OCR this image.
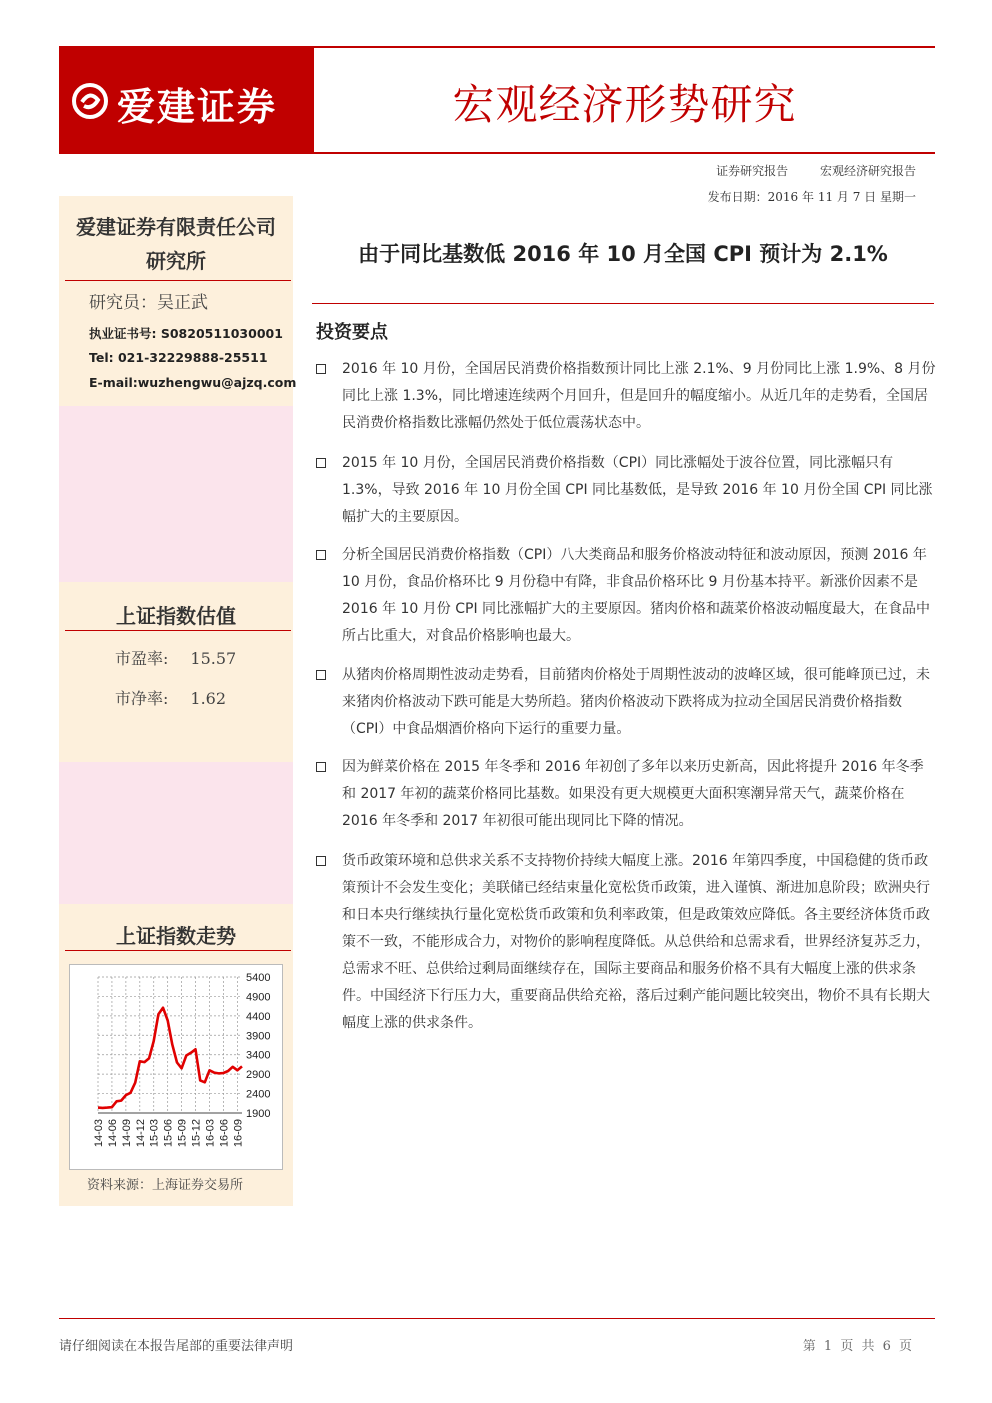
爱建证券	宏观经济形势研究
证券研究报告	宏观经济研究报告
发布日期：2016 年 11 月 7 日 星期一
爱建证券有限责任公司
研究所
研究员：吴正武
执业证书号: S0820511030001
Tel: 021-32229888-25511
E-mail:wuzhengwu@ajzq.com
上证指数估值
市盈率: 15.57
市净率: 1.62
上证指数走势
5400
4900
4400
3900
3400
2900
2400
1900
14-03 14-06 14-09 14-12 15-03 15-06 15-09 15-12 16-03 16-06 16-09
资料来源：上海证券交易所
由于同比基数低 2016 年 10 月全国 CPI 预计为 2.1%
投资要点
2016 年 10 月份，全国居民消费价格指数预计同比上涨 2.1%、9 月份同比上涨 1.9%、8 月份同比上涨 1.3%，同比增速连续两个月回升，但是回升的幅度缩小。从近几年的走势看，全国居民消费价格指数比涨幅仍然处于低位震荡状态中。
2015 年 10 月份，全国居民消费价格指数（CPI）同比涨幅处于波谷位置，同比涨幅只有 1.3%，导致 2016 年 10 月份全国 CPI 同比基数低，是导致 2016 年 10 月份全国 CPI 同比涨幅扩大的主要原因。
分析全国居民消费价格指数（CPI）八大类商品和服务价格波动特征和波动原因，预测 2016 年 10 月份，食品价格环比 9 月份稳中有降，非食品价格环比 9 月份基本持平。新涨价因素不是 2016 年 10 月份 CPI 同比涨幅扩大的主要原因。猪肉价格和蔬菜价格波动幅度最大，在食品中所占比重大，对食品价格影响也最大。
从猪肉价格周期性波动走势看，目前猪肉价格处于周期性波动的波峰区域，很可能峰顶已过，未来猪肉价格波动下跌可能是大势所趋。猪肉价格波动下跌将成为拉动全国居民消费价格指数（CPI）中食品烟酒价格向下运行的重要力量。
因为鲜菜价格在 2015 年冬季和 2016 年初创了多年以来历史新高，因此将提升 2016 年冬季和 2017 年初的蔬菜价格同比基数。如果没有更大规模更大面积寒潮异常天气，蔬菜价格在 2016 年冬季和 2017 年初很可能出现同比下降的情况。
货币政策环境和总供求关系不支持物价持续大幅度上涨。2016 年第四季度，中国稳健的货币政策预计不会发生变化；美联储已经结束量化宽松货币政策，进入谨慎、渐进加息阶段；欧洲央行和日本央行继续执行量化宽松货币政策和负利率政策，但是政策效应降低。各主要经济体货币政策不一致，不能形成合力，对物价的影响程度降低。从总供给和总需求看，世界经济复苏乏力，总需求不旺、总供给过剩局面继续存在，国际主要商品和服务价格不具有大幅度上涨的供求条件。中国经济下行压力大，重要商品供给充裕，落后过剩产能问题比较突出，物价不具有长期大幅度上涨的供求条件。
请仔细阅读在本报告尾部的重要法律声明	第 1 页 共 6 页
